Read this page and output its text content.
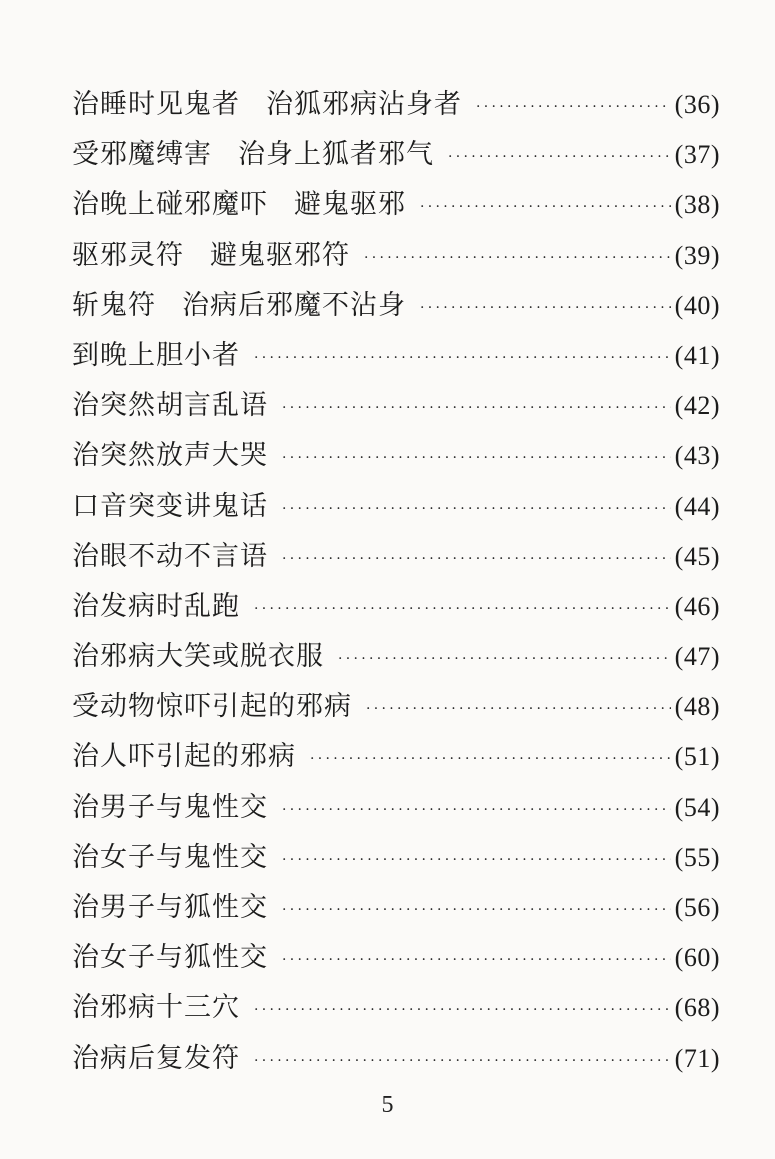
治睡时见鬼者 治狐邪病沾身者 ·····	(36)
受邪魔缚害 治身上狐者邪气 ·····	(37)
治晚上碰邪魔吓 避鬼驱邪 ·····	(38)
驱邪灵符 避鬼驱邪符 ·····	(39)
斩鬼符 治病后邪魔不沾身 ·····	(40)
到晚上胆小者 ·····	(41)
治突然胡言乱语 ·····	(42)
治突然放声大哭 ·····	(43)
口音突变讲鬼话 ·····	(44)
治眼不动不言语 ·····	(45)
治发病时乱跑 ·····	(46)
治邪病大笑或脱衣服 ·····	(47)
受动物惊吓引起的邪病 ·····	(48)
治人吓引起的邪病 ·····	(51)
治男子与鬼性交 ·····	(54)
治女子与鬼性交 ·····	(55)
治男子与狐性交 ·····	(56)
治女子与狐性交 ·····	(60)
治邪病十三穴 ·····	(68)
治病后复发符 ·····	(71)
5
